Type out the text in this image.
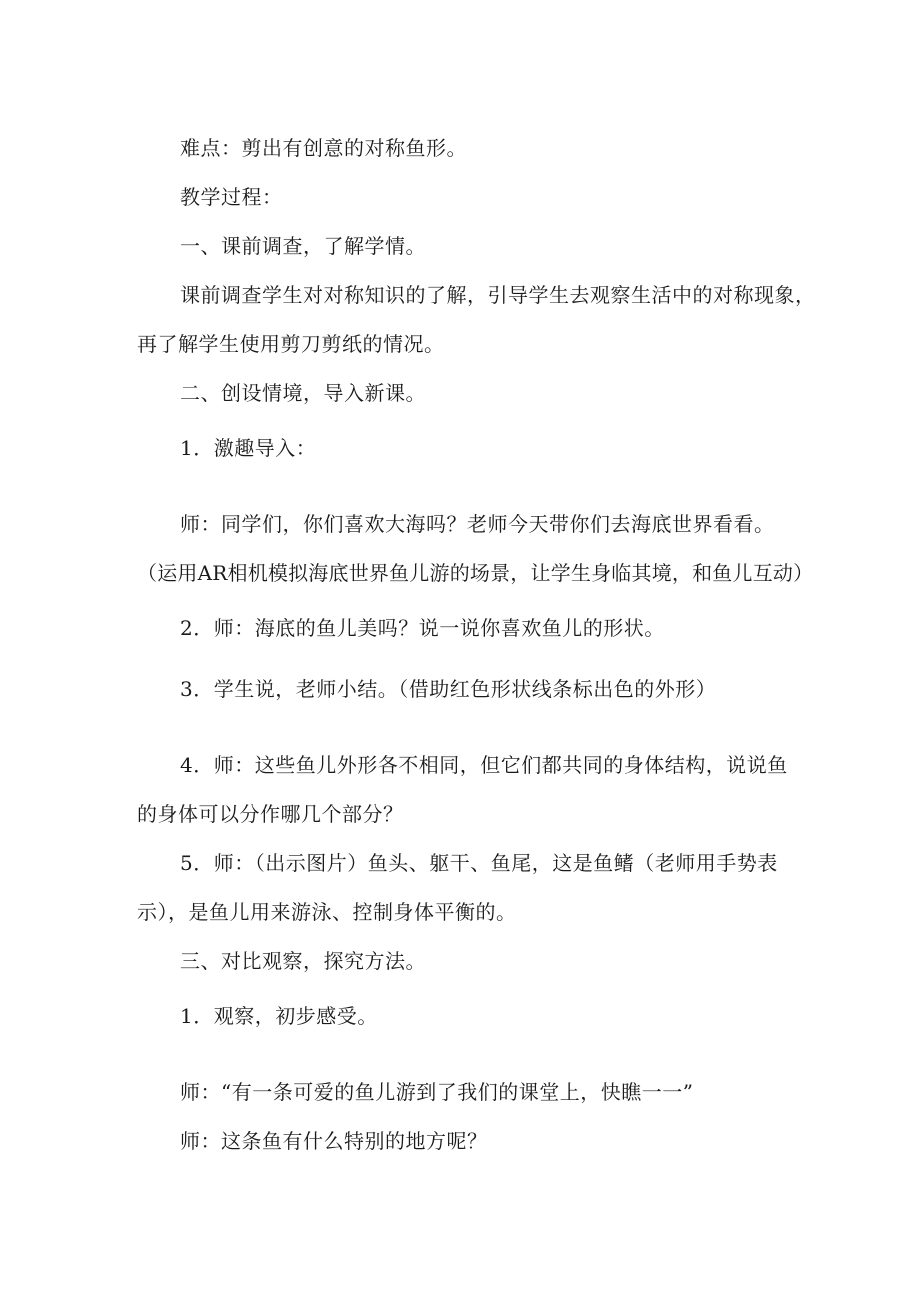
难点：剪出有创意的对称鱼形。
教学过程：
一、课前调查，了解学情。
课前调查学生对对称知识的了解，引导学生去观察生活中的对称现象，
再了解学生使用剪刀剪纸的情况。
二、创设情境，导入新课。
1．激趣导入：
师：同学们，你们喜欢大海吗？老师今天带你们去海底世界看看。
（运用AR相机模拟海底世界鱼儿游的场景，让学生身临其境，和鱼儿互动）
2．师：海底的鱼儿美吗？说一说你喜欢鱼儿的形状。
3．学生说，老师小结。（借助红色形状线条标出色的外形）
4．师：这些鱼儿外形各不相同，但它们都共同的身体结构，说说鱼
的身体可以分作哪几个部分？
5．师：（出示图片）鱼头、躯干、鱼尾，这是鱼鳍（老师用手势表
示），是鱼儿用来游泳、控制身体平衡的。
三、对比观察，探究方法。
1．观察，初步感受。
师：“有一条可爱的鱼儿游到了我们的课堂上，快瞧一一”
师：这条鱼有什么特别的地方呢？
